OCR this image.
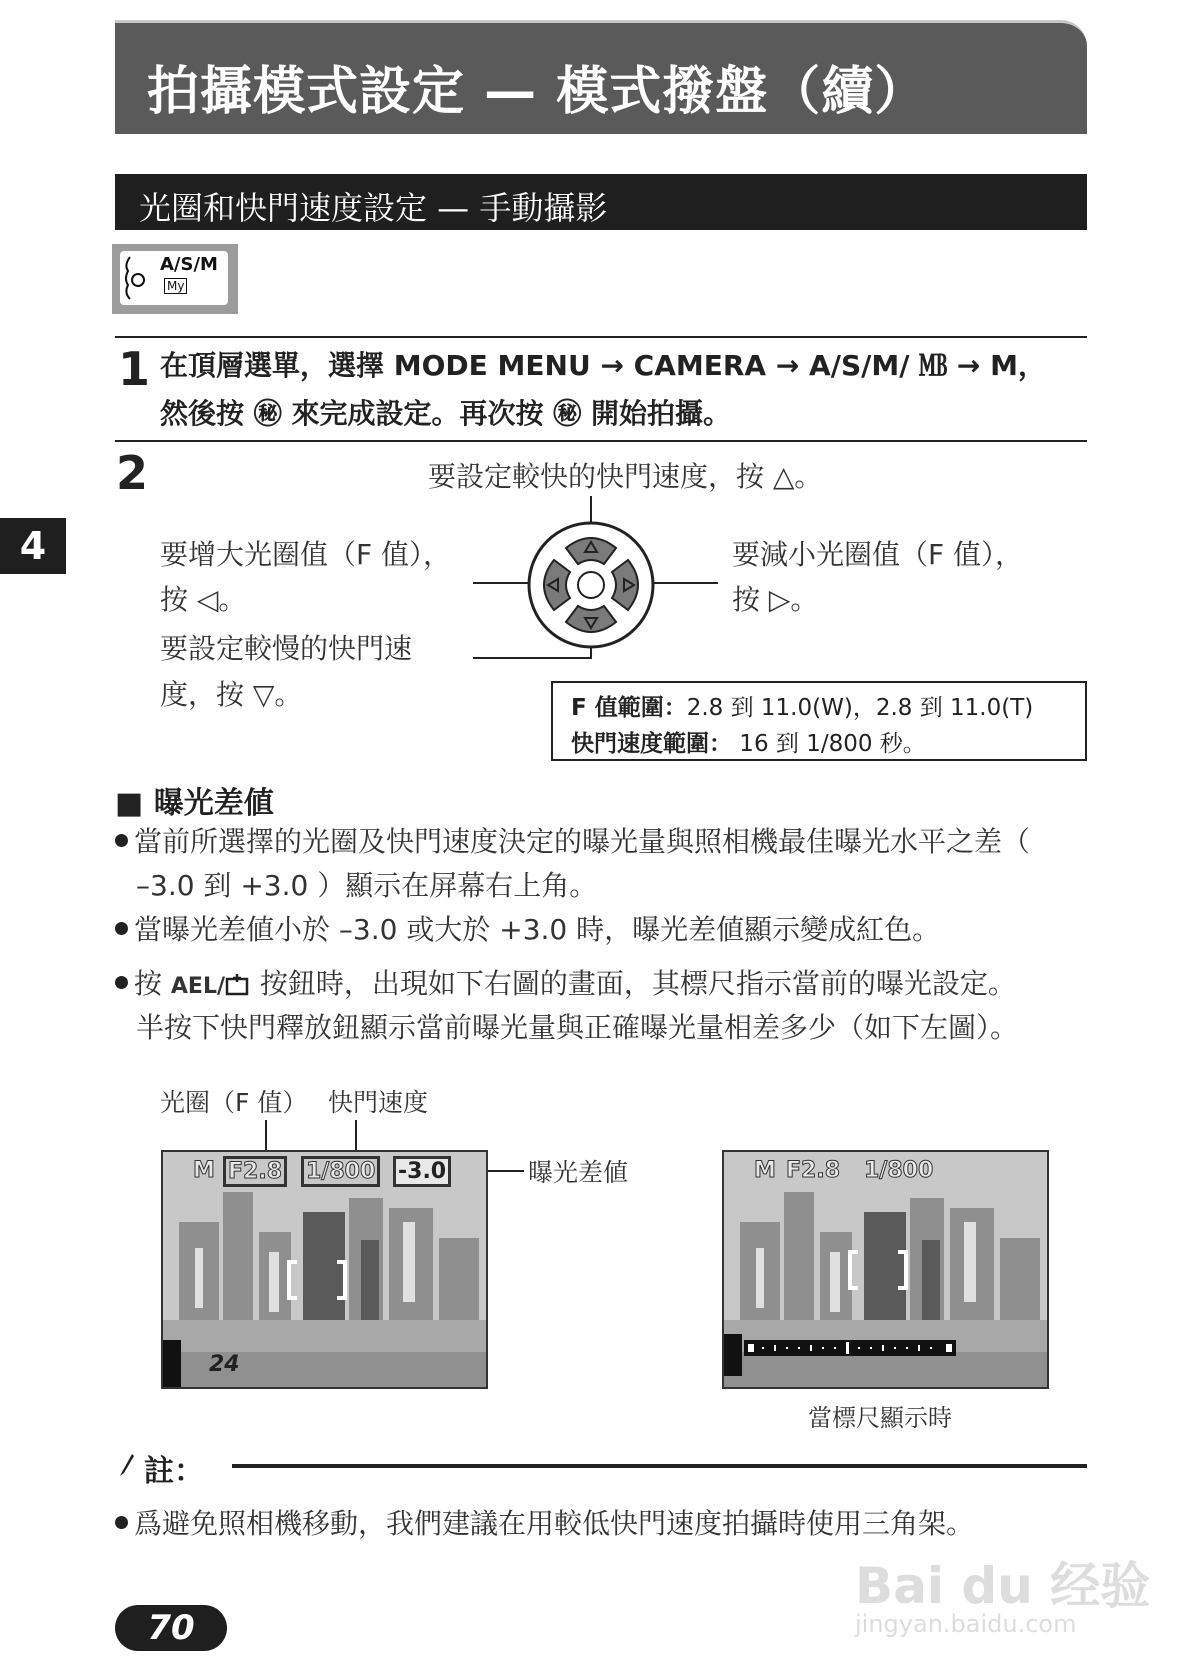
拍攝模式設定 — 模式撥盤（續）
光圈和快門速度設定 — 手動攝影
A/S/M
My
4
1 在頂層選單，選擇 MODE MENU → CAMERA → A/S/M/ ㎆ → M，
然後按 ㊙ 來完成設定。再次按 ㊙ 開始拍攝。
2	要設定較快的快門速度，按 △。
要增大光圈值（F 值），
按 ◁。
要減小光圈值（F 值），
按 ▷。
要設定較慢的快門速
度，按 ▽。	F 值範圍：2.8 到 11.0(W)，2.8 到 11.0(T)
快門速度範圍： 16 到 1/800 秒。
■ 曝光差値
當前所選擇的光圈及快門速度決定的曝光量與照相機最佳曝光水平之差（
–3.0 到 +3.0 ）顯示在屏幕右上角。
當曝光差値小於 –3.0 或大於 +3.0 時，曝光差値顯示變成紅色。
按 AEL/ 按鈕時，出現如下右圖的畫面，其標尺指示當前的曝光設定。
半按下快門釋放鈕顯示當前曝光量與正確曝光量相差多少（如下左圖）。
光圈（F 值） 快門速度
曝光差値
M F2.8 1/800 -3.0
24
M F2.8 1/800
當標尺顯示時
註：
爲避免照相機移動，我們建議在用較低快門速度拍攝時使用三角架。
70
Bai du 经验
jingyan.baidu.com
